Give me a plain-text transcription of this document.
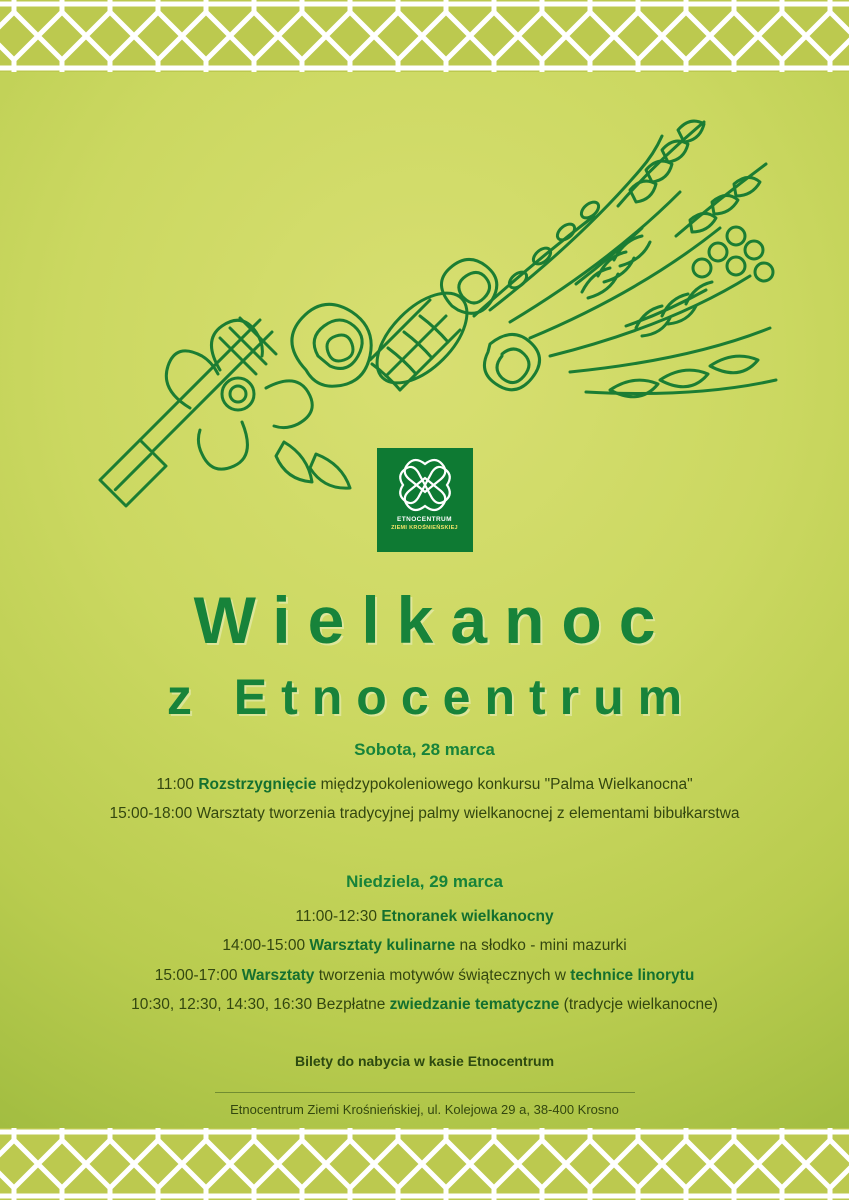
ETNOCENTRUM
ZIEMI KROŚNIEŃSKIEJ
Wielkanoc
z Etnocentrum

Sobota, 28 marca

11:00 Rozstrzygnięcie międzypokoleniowego konkursu "Palma Wielkanocna"

15:00-18:00 Warsztaty tworzenia tradycyjnej palmy wielkanocnej z elementami bibułkarstwa

Niedziela, 29 marca

11:00-12:30 Etnoranek wielkanocny

14:00-15:00 Warsztaty kulinarne na słodko - mini mazurki

15:00-17:00 Warsztaty tworzenia motywów świątecznych w technice linorytu

10:30, 12:30, 14:30, 16:30 Bezpłatne zwiedzanie tematyczne (tradycje wielkanocne)

Bilety do nabycia w kasie Etnocentrum

Etnocentrum Ziemi Krośnieńskiej, ul. Kolejowa 29 a, 38-400 Krosno
